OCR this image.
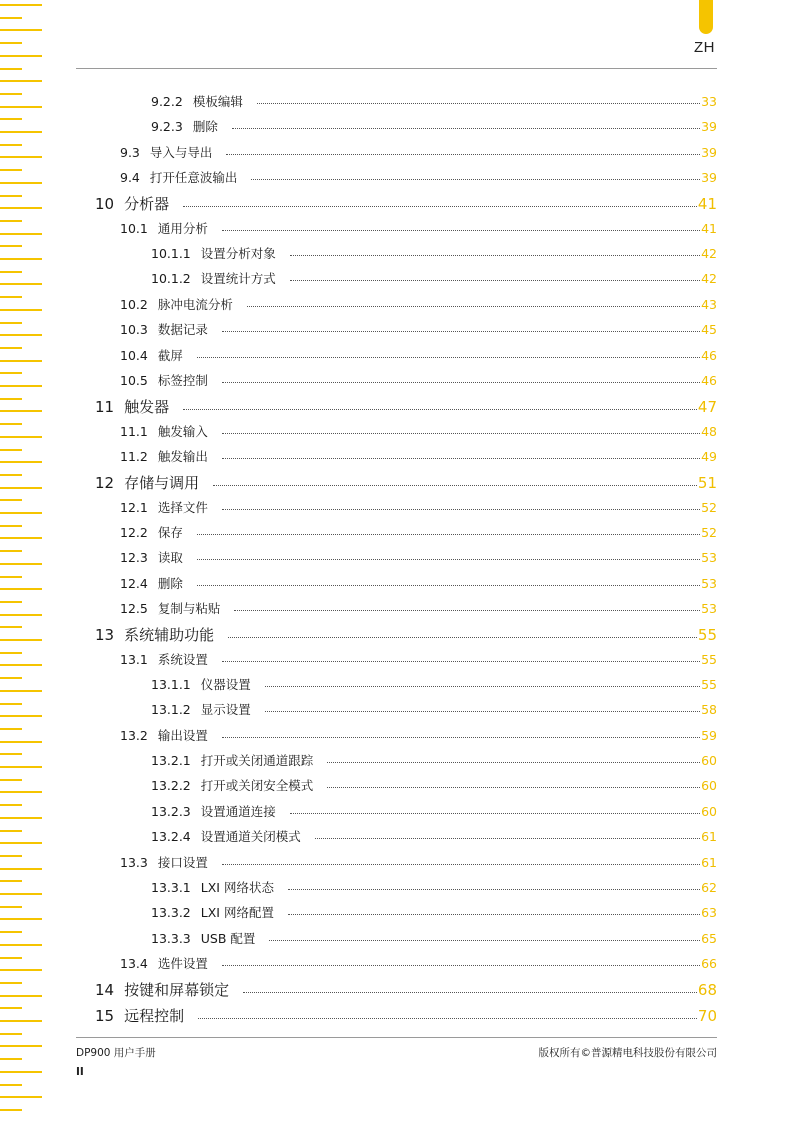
ZH
9.2.2 模板编辑	33
9.2.3 删除	39
9.3 导入与导出	39
9.4 打开任意波输出	39
10 分析器	41
10.1 通用分析	41
10.1.1 设置分析对象	42
10.1.2 设置统计方式	42
10.2 脉冲电流分析	43
10.3 数据记录	45
10.4 截屏	46
10.5 标签控制	46
11 触发器	47
11.1 触发输入	48
11.2 触发输出	49
12 存储与调用	51
12.1 选择文件	52
12.2 保存	52
12.3 读取	53
12.4 删除	53
12.5 复制与粘贴	53
13 系统辅助功能	55
13.1 系统设置	55
13.1.1 仪器设置	55
13.1.2 显示设置	58
13.2 输出设置	59
13.2.1 打开或关闭通道跟踪	60
13.2.2 打开或关闭安全模式	60
13.2.3 设置通道连接	60
13.2.4 设置通道关闭模式	61
13.3 接口设置	61
13.3.1 LXI 网络状态	62
13.3.2 LXI 网络配置	63
13.3.3 USB 配置	65
13.4 选件设置	66
14 按键和屏幕锁定	68
15 远程控制	70
DP900 用户手册	版权所有©普源精电科技股份有限公司
II
